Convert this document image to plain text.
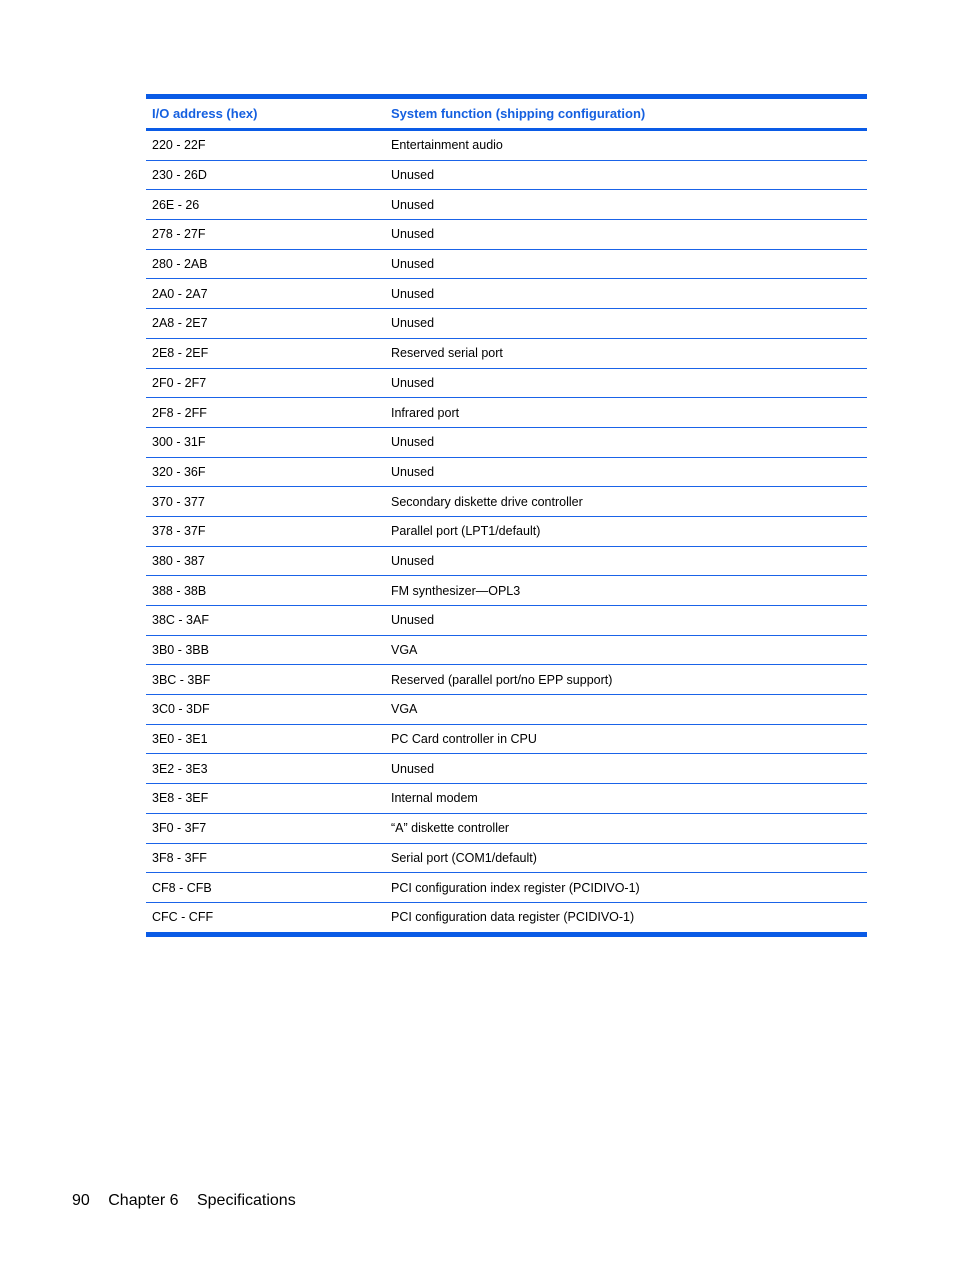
I/O address (hex)	System function (shipping configuration)
220 - 22F	Entertainment audio
230 - 26D	Unused
26E - 26	Unused
278 - 27F	Unused
280 - 2AB	Unused
2A0 - 2A7	Unused
2A8 - 2E7	Unused
2E8 - 2EF	Reserved serial port
2F0 - 2F7	Unused
2F8 - 2FF	Infrared port
300 - 31F	Unused
320 - 36F	Unused
370 - 377	Secondary diskette drive controller
378 - 37F	Parallel port (LPT1/default)
380 - 387	Unused
388 - 38B	FM synthesizer—OPL3
38C - 3AF	Unused
3B0 - 3BB	VGA
3BC - 3BF	Reserved (parallel port/no EPP support)
3C0 - 3DF	VGA
3E0 - 3E1	PC Card controller in CPU
3E2 - 3E3	Unused
3E8 - 3EF	Internal modem
3F0 - 3F7	“A” diskette controller
3F8 - 3FF	Serial port (COM1/default)
CF8 - CFB	PCI configuration index register (PCIDIVO-1)
CFC - CFF	PCI configuration data register (PCIDIVO-1)
90 Chapter 6 Specifications
